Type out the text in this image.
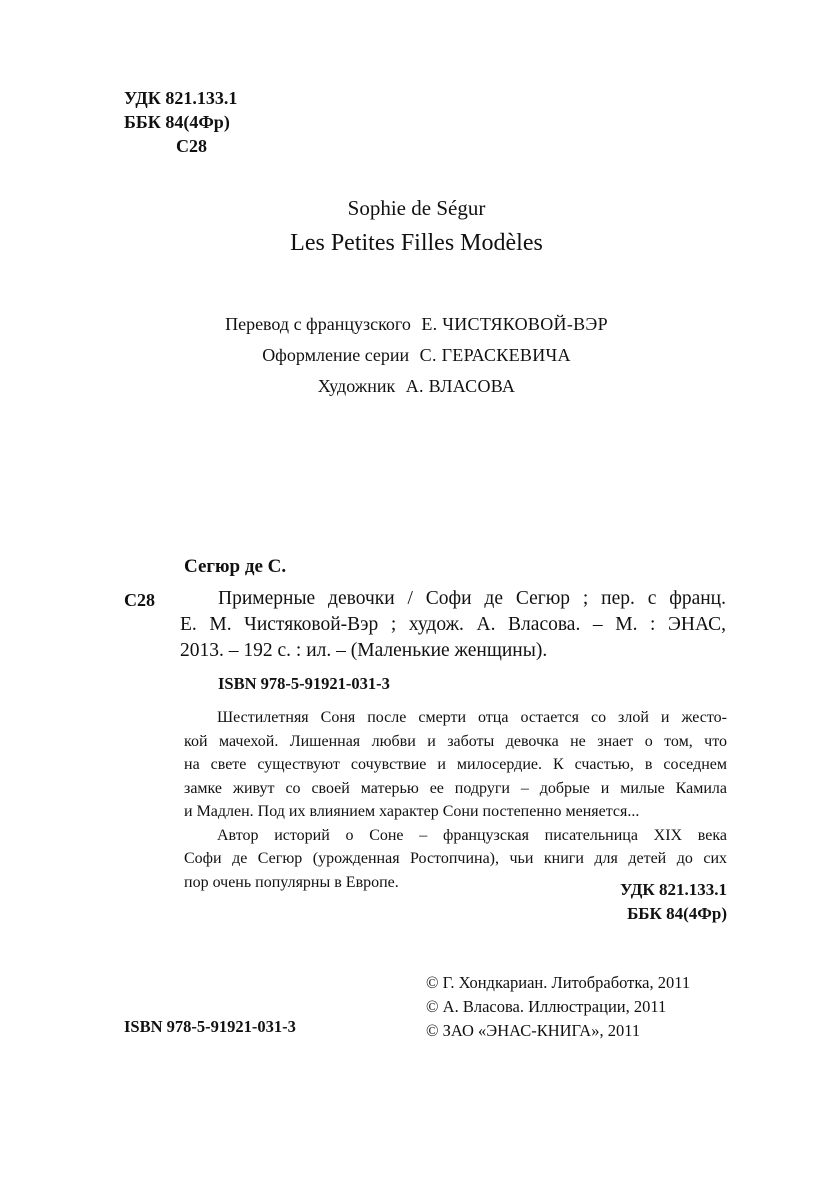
УДК 821.133.1
ББК 84(4Фр)
С28
Sophie de Ségur
Les Petites Filles Modèles
Перевод с французского Е. ЧИСТЯКОВОЙ-ВЭР
Оформление серии С. ГЕРАСКЕВИЧА
Художник А. ВЛАСОВА
Сегюр де С.
С28	Примерные девочки / Софи де Сегюр ; пер. с франц.
Е. М. Чистяковой-Вэр ; худож. А. Власова. – М. : ЭНАС,
2013. – 192 с. : ил. – (Маленькие женщины).
ISBN 978-5-91921-031-3
Шестилетняя Соня после смерти отца остается со злой и жесто-
кой мачехой. Лишенная любви и заботы девочка не знает о том, что
на свете существуют сочувствие и милосердие. К счастью, в соседнем
замке живут со своей матерью ее подруги – добрые и милые Камила
и Мадлен. Под их влиянием характер Сони постепенно меняется...
Автор историй о Соне – французская писательница XIX века
Софи де Сегюр (урожденная Ростопчина), чьи книги для детей до сих
пор очень популярны в Европе.	УДК 821.133.1
ББК 84(4Фр)
© Г. Хондкариан. Литобработка, 2011
© А. Власова. Иллюстрации, 2011
© ЗАО «ЭНАС-КНИГА», 2011
ISBN 978-5-91921-031-3
